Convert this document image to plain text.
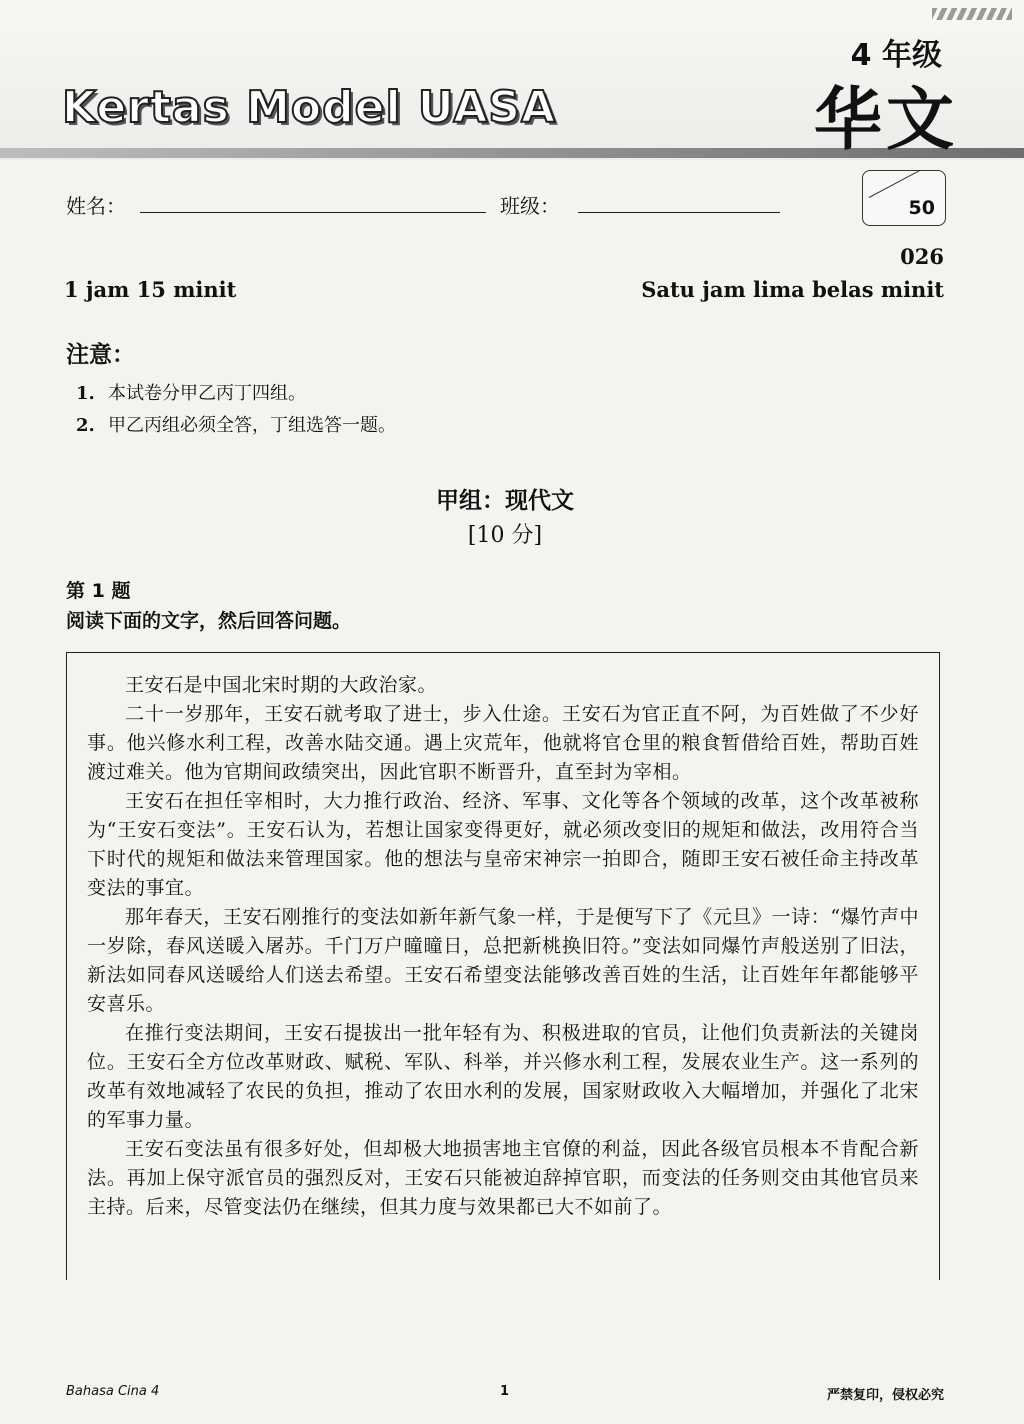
Kertas Model UASA
4 年级
华文
姓名：	班级：	50
026
1 jam 15 minit	Satu jam lima belas minit
注意：
1. 本试卷分甲乙丙丁四组。
2. 甲乙丙组必须全答，丁组选答一题。
甲组：现代文
[10 分]
第 1 题
阅读下面的文字，然后回答问题。

王安石是中国北宋时期的大政治家。

二十一岁那年，王安石就考取了进士，步入仕途。王安石为官正直不阿，为百姓做了不少好事。他兴修水利工程，改善水陆交通。遇上灾荒年，他就将官仓里的粮食暂借给百姓，帮助百姓渡过难关。他为官期间政绩突出，因此官职不断晋升，直至封为宰相。

王安石在担任宰相时，大力推行政治、经济、军事、文化等各个领域的改革，这个改革被称为“王安石变法”。王安石认为，若想让国家变得更好，就必须改变旧的规矩和做法，改用符合当下时代的规矩和做法来管理国家。他的想法与皇帝宋神宗一拍即合，随即王安石被任命主持改革变法的事宜。

那年春天，王安石刚推行的变法如新年新气象一样，于是便写下了《元旦》一诗：“爆竹声中一岁除，春风送暖入屠苏。千门万户曈曈日，总把新桃换旧符。”变法如同爆竹声般送别了旧法，新法如同春风送暖给人们送去希望。王安石希望变法能够改善百姓的生活，让百姓年年都能够平安喜乐。

在推行变法期间，王安石提拔出一批年轻有为、积极进取的官员，让他们负责新法的关键岗位。王安石全方位改革财政、赋税、军队、科举，并兴修水利工程，发展农业生产。这一系列的改革有效地减轻了农民的负担，推动了农田水利的发展，国家财政收入大幅增加，并强化了北宋的军事力量。

王安石变法虽有很多好处，但却极大地损害地主官僚的利益，因此各级官员根本不肯配合新法。再加上保守派官员的强烈反对，王安石只能被迫辞掉官职，而变法的任务则交由其他官员来主持。后来，尽管变法仍在继续，但其力度与效果都已大不如前了。

Bahasa Cina 4	1	严禁复印，侵权必究
